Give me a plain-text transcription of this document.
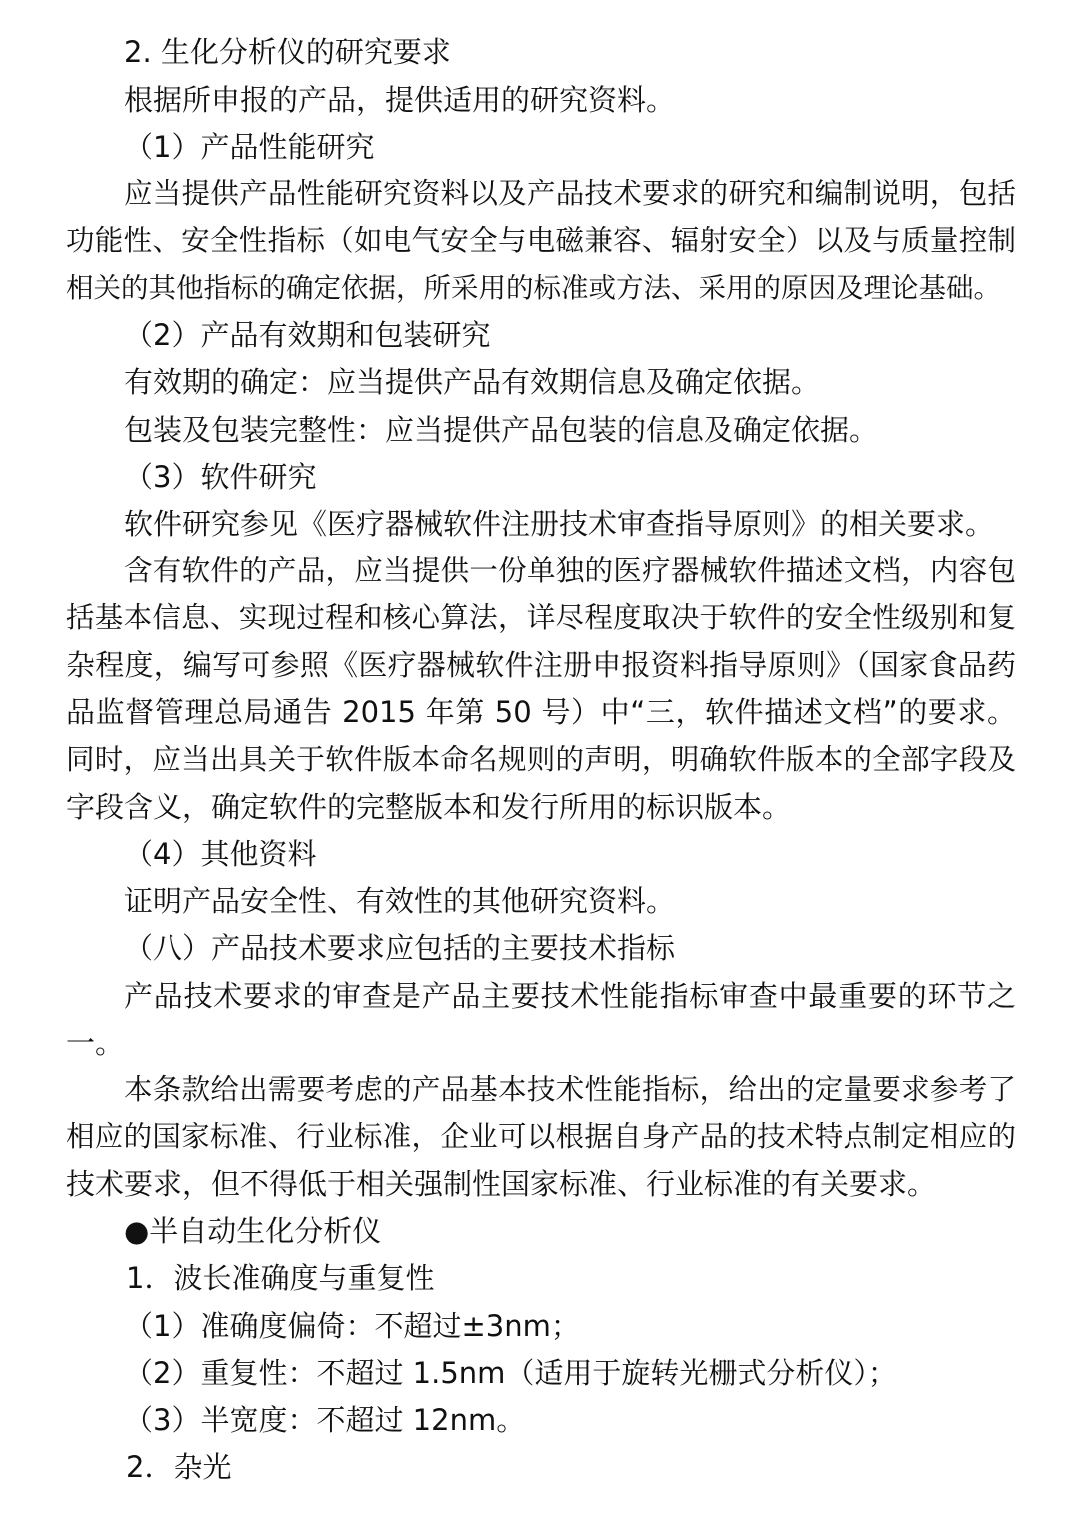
2. 生化分析仪的研究要求
根据所申报的产品，提供适用的研究资料。
（1）产品性能研究
应当提供产品性能研究资料以及产品技术要求的研究和编制说明，包括
功能性、安全性指标（如电气安全与电磁兼容、辐射安全）以及与质量控制
相关的其他指标的确定依据，所采用的标准或方法、采用的原因及理论基础。
（2）产品有效期和包装研究
有效期的确定：应当提供产品有效期信息及确定依据。
包装及包装完整性：应当提供产品包装的信息及确定依据。
（3）软件研究
软件研究参见《医疗器械软件注册技术审查指导原则》的相关要求。
含有软件的产品，应当提供一份单独的医疗器械软件描述文档，内容包
括基本信息、实现过程和核心算法，详尽程度取决于软件的安全性级别和复
杂程度，编写可参照《医疗器械软件注册申报资料指导原则》（国家食品药
品监督管理总局通告 2015 年第 50 号）中“三，软件描述文档”的要求。
同时，应当出具关于软件版本命名规则的声明，明确软件版本的全部字段及
字段含义，确定软件的完整版本和发行所用的标识版本。
（4）其他资料
证明产品安全性、有效性的其他研究资料。
（八）产品技术要求应包括的主要技术指标
产品技术要求的审查是产品主要技术性能指标审查中最重要的环节之
一。
本条款给出需要考虑的产品基本技术性能指标，给出的定量要求参考了
相应的国家标准、行业标准，企业可以根据自身产品的技术特点制定相应的
技术要求，但不得低于相关强制性国家标准、行业标准的有关要求。
●半自动生化分析仪
1．波长准确度与重复性
（1）准确度偏倚：不超过±3nm；
（2）重复性：不超过 1.5nm（适用于旋转光栅式分析仪）；
（3）半宽度：不超过 12nm。
2．杂光
